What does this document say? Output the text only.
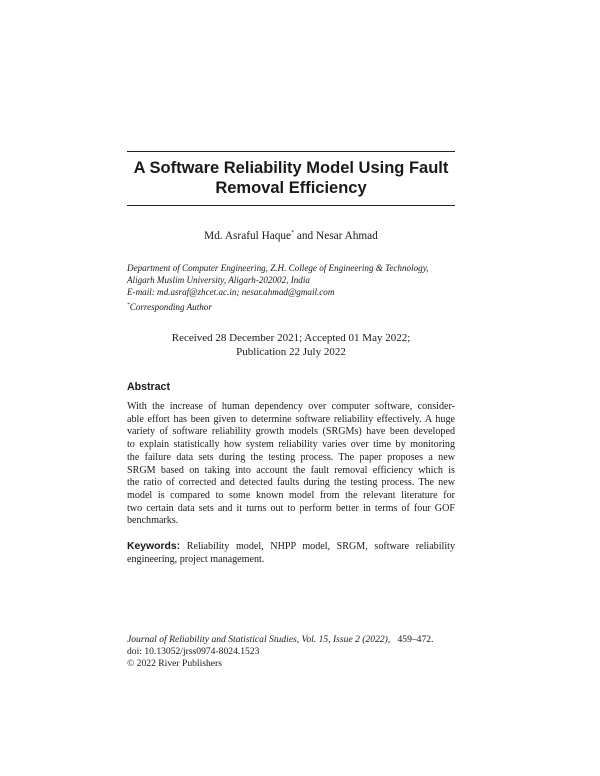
A Software Reliability Model Using Fault Removal Efficiency
Md. Asraful Haque* and Nesar Ahmad
Department of Computer Engineering, Z.H. College of Engineering & Technology,
Aligarh Muslim University, Aligarh-202002, India
E-mail: md.asraf@zhcet.ac.in; nesar.ahmad@gmail.com
*Corresponding Author
Received 28 December 2021; Accepted 01 May 2022;
Publication 22 July 2022
Abstract
With the increase of human dependency over computer software, consider-
able effort has been given to determine software reliability effectively. A huge
variety of software reliability growth models (SRGMs) have been developed
to explain statistically how system reliability varies over time by monitoring
the failure data sets during the testing process. The paper proposes a new
SRGM based on taking into account the fault removal efficiency which is
the ratio of corrected and detected faults during the testing process. The new
model is compared to some known model from the relevant literature for
two certain data sets and it turns out to perform better in terms of four GOF
benchmarks.
Keywords: Reliability model, NHPP model, SRGM, software reliability engineering, project management.
Journal of Reliability and Statistical Studies, Vol. 15, Issue 2 (2022), 459–472.
doi: 10.13052/jrss0974-8024.1523
© 2022 River Publishers
